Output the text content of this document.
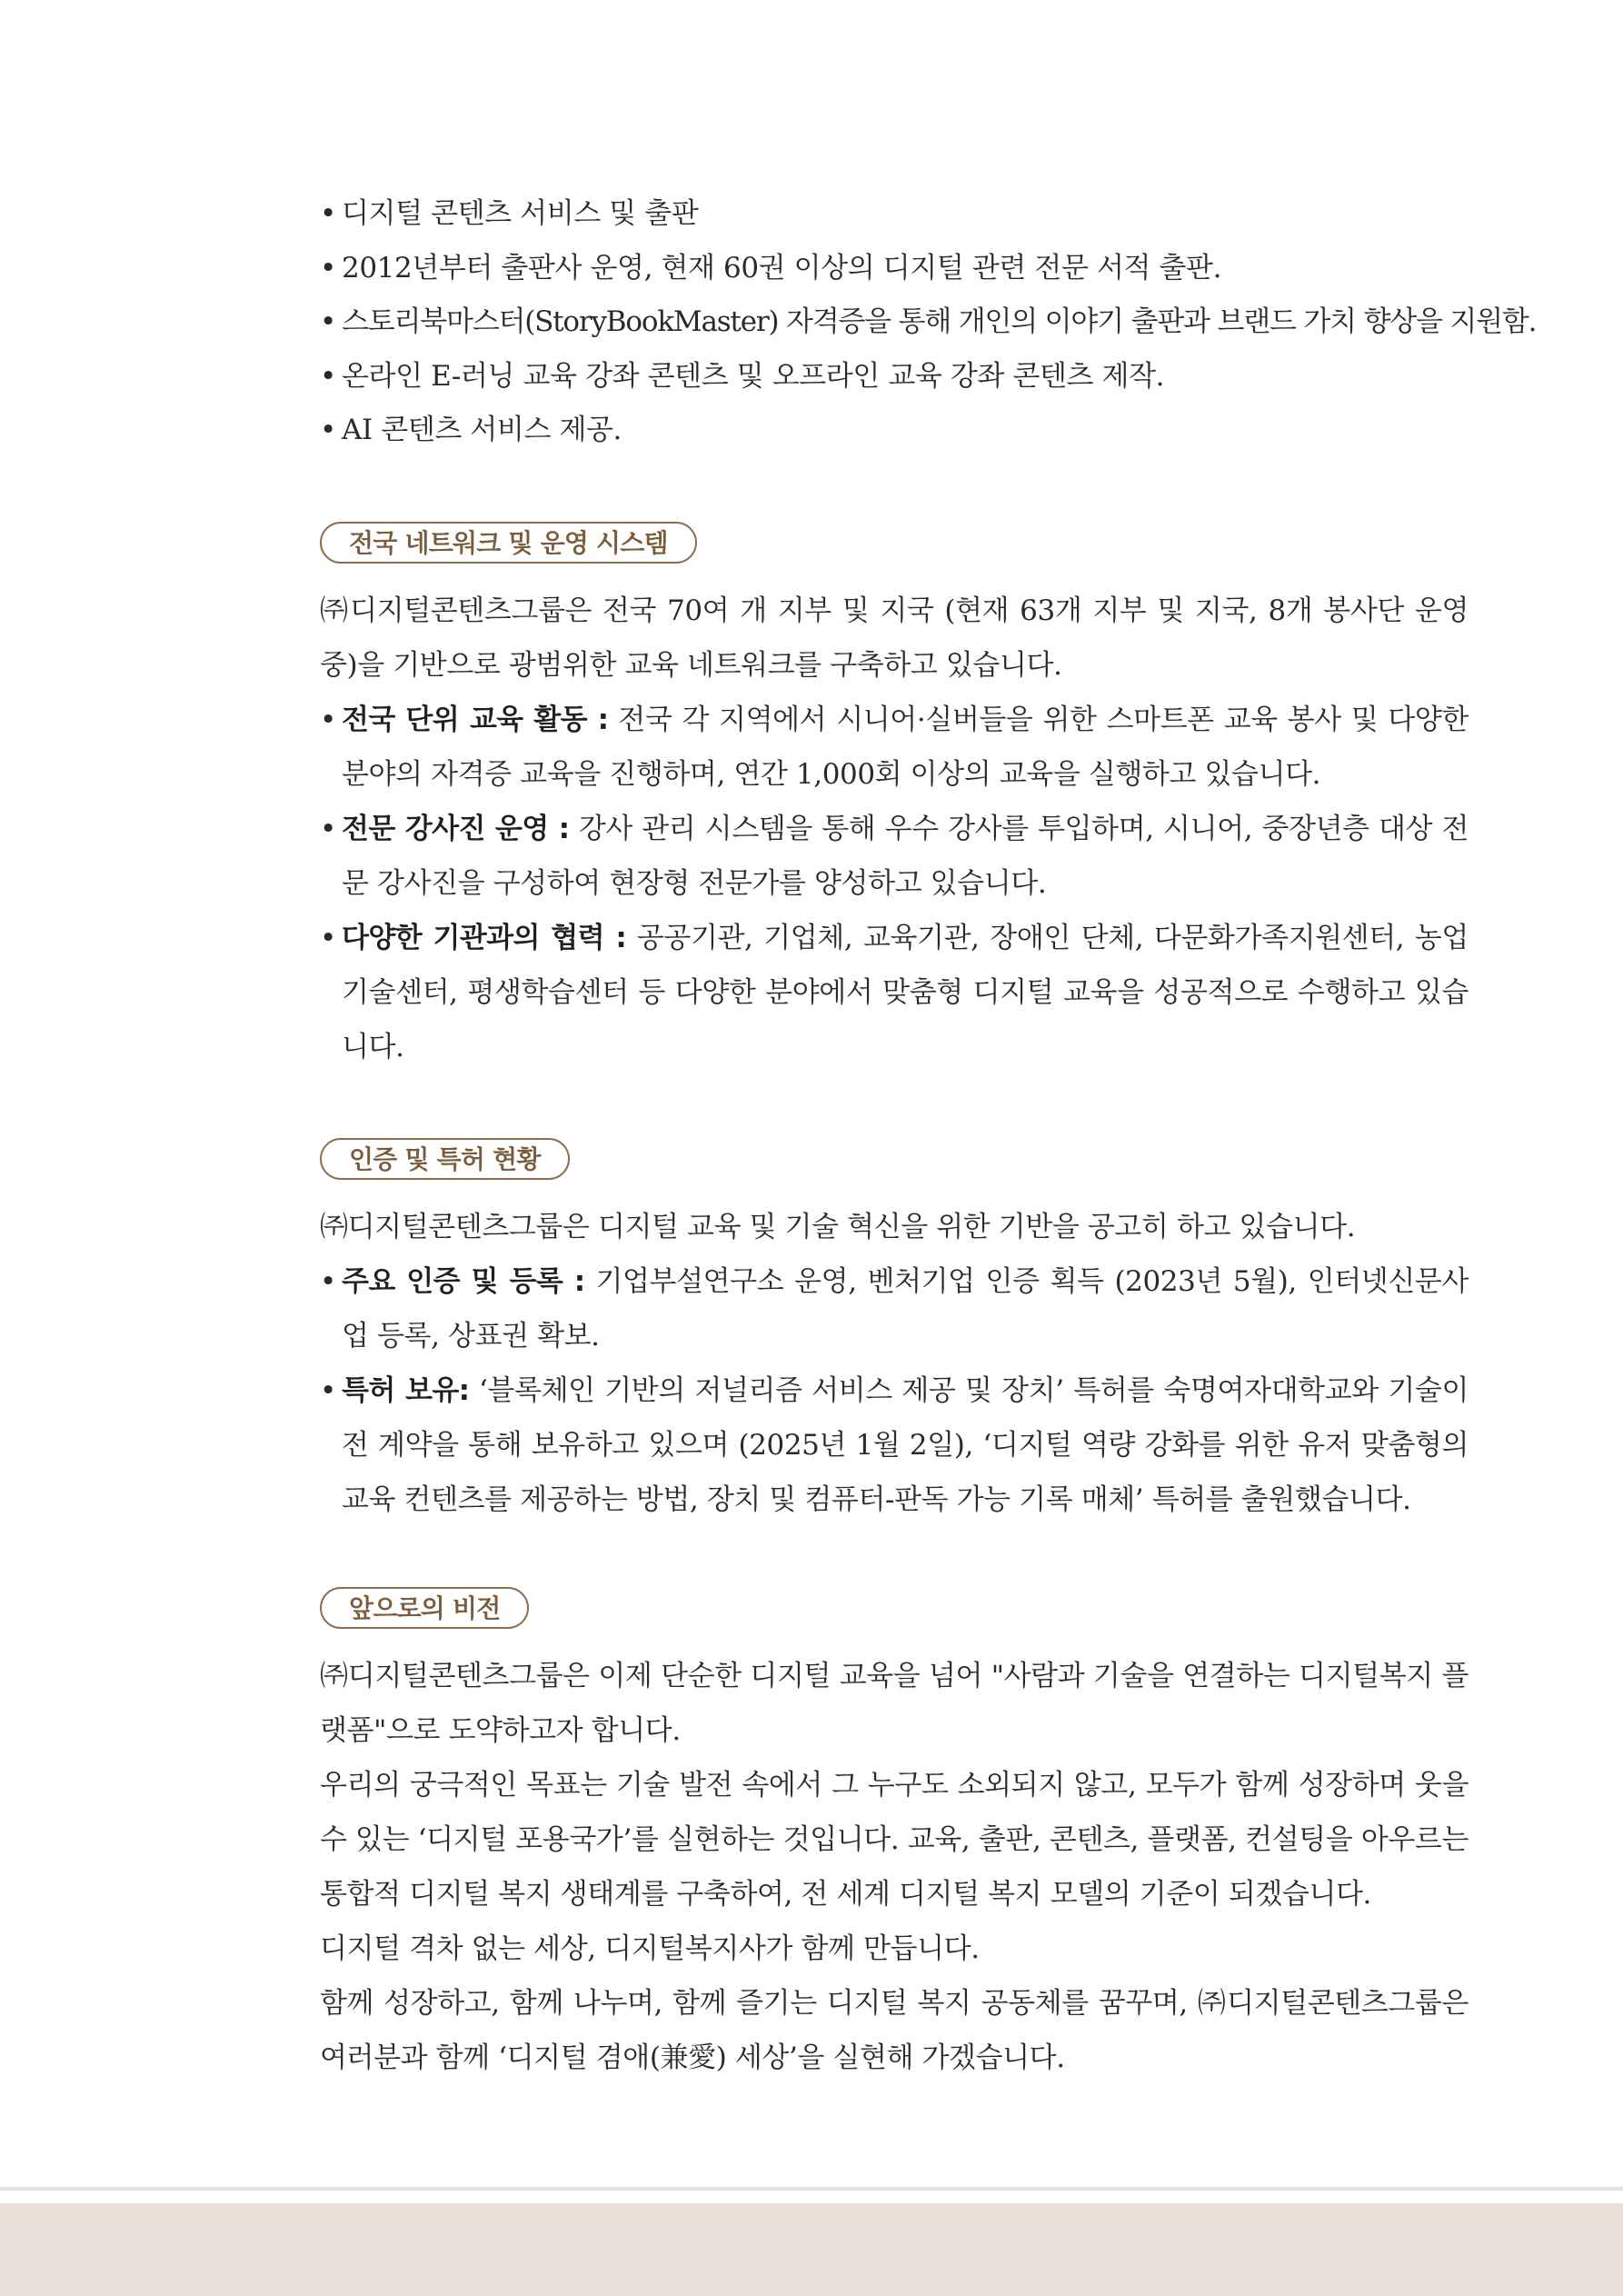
• 디지털 콘텐츠 서비스 및 출판
• 2012년부터 출판사 운영, 현재 60권 이상의 디지털 관련 전문 서적 출판.
• 스토리북마스터(StoryBookMaster) 자격증을 통해 개인의 이야기 출판과 브랜드 가치 향상을 지원함.
• 온라인 E-러닝 교육 강좌 콘텐츠 및 오프라인 교육 강좌 콘텐츠 제작.
• AI 콘텐츠 서비스 제공.
전국 네트워크 및 운영 시스템

㈜디지털콘텐츠그룹은 전국 70여 개 지부 및 지국 (현재 63개 지부 및 지국, 8개 봉사단 운영 중)을 기반으로 광범위한 교육 네트워크를 구축하고 있습니다.

• 전국 단위 교육 활동 : 전국 각 지역에서 시니어·실버들을 위한 스마트폰 교육 봉사 및 다양한 분야의 자격증 교육을 진행하며, 연간 1,000회 이상의 교육을 실행하고 있습니다.
• 전문 강사진 운영 : 강사 관리 시스템을 통해 우수 강사를 투입하며, 시니어, 중장년층 대상 전문 강사진을 구성하여 현장형 전문가를 양성하고 있습니다.
• 다양한 기관과의 협력 : 공공기관, 기업체, 교육기관, 장애인 단체, 다문화가족지원센터, 농업기술센터, 평생학습센터 등 다양한 분야에서 맞춤형 디지털 교육을 성공적으로 수행하고 있습니다.
인증 및 특허 현황

㈜디지털콘텐츠그룹은 디지털 교육 및 기술 혁신을 위한 기반을 공고히 하고 있습니다.

• 주요 인증 및 등록 : 기업부설연구소 운영, 벤처기업 인증 획득 (2023년 5월), 인터넷신문사업 등록, 상표권 확보.
• 특허 보유: ‘블록체인 기반의 저널리즘 서비스 제공 및 장치’ 특허를 숙명여자대학교와 기술이전 계약을 통해 보유하고 있으며 (2025년 1월 2일), ‘디지털 역량 강화를 위한 유저 맞춤형의 교육 컨텐츠를 제공하는 방법, 장치 및 컴퓨터-판독 가능 기록 매체’ 특허를 출원했습니다.
앞으로의 비전

㈜디지털콘텐츠그룹은 이제 단순한 디지털 교육을 넘어 "사람과 기술을 연결하는 디지털복지 플랫폼"으로 도약하고자 합니다.

우리의 궁극적인 목표는 기술 발전 속에서 그 누구도 소외되지 않고, 모두가 함께 성장하며 웃을 수 있는 ‘디지털 포용국가’를 실현하는 것입니다. 교육, 출판, 콘텐츠, 플랫폼, 컨설팅을 아우르는 통합적 디지털 복지 생태계를 구축하여, 전 세계 디지털 복지 모델의 기준이 되겠습니다.

디지털 격차 없는 세상, 디지털복지사가 함께 만듭니다.

함께 성장하고, 함께 나누며, 함께 즐기는 디지털 복지 공동체를 꿈꾸며, ㈜디지털콘텐츠그룹은 여러분과 함께 ‘디지털 겸애(兼愛) 세상’을 실현해 가겠습니다.
